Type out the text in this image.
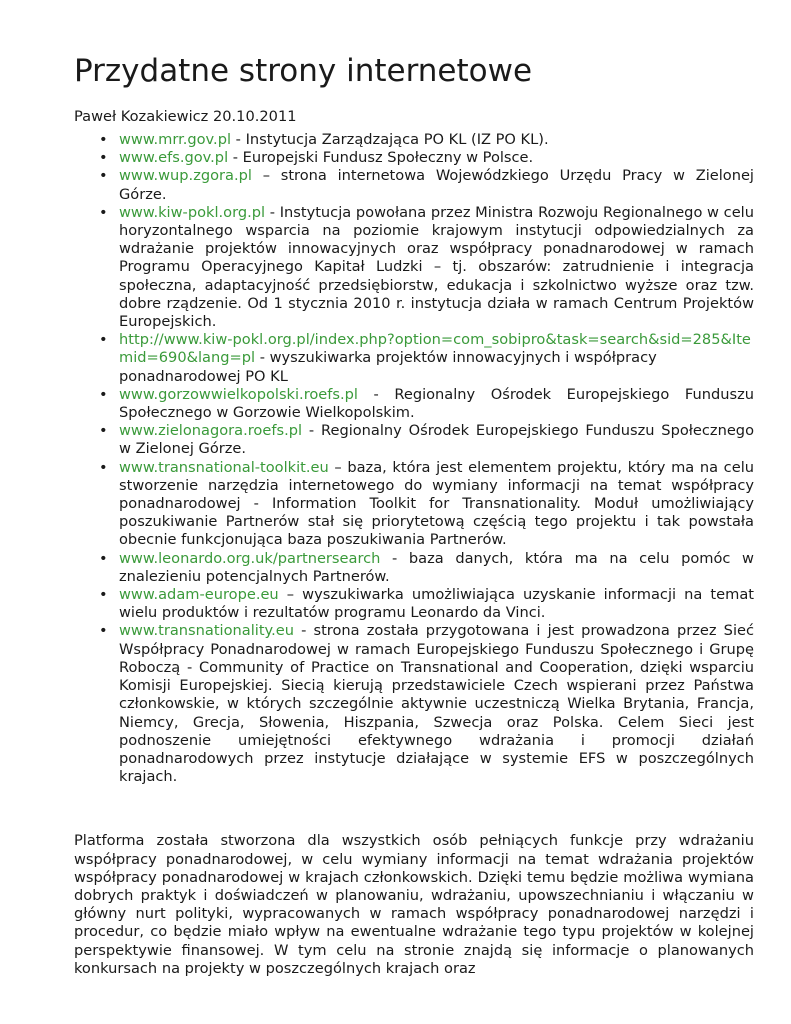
Przydatne strony internetowe

Paweł Kozakiewicz 20.10.2011

• www.mrr.gov.pl - Instytucja Zarządzająca PO KL (IZ PO KL).
• www.efs.gov.pl - Europejski Fundusz Społeczny w Polsce.
• www.wup.zgora.pl – strona internetowa Wojewódzkiego Urzędu Pracy w Zielonej Górze.
• www.kiw-pokl.org.pl - Instytucja powołana przez Ministra Rozwoju Regionalnego w celu horyzontalnego wsparcia na poziomie krajowym instytucji odpowiedzialnych za wdrażanie projektów innowacyjnych oraz współpracy ponadnarodowej w ramach Programu Operacyjnego Kapitał Ludzki – tj. obszarów: zatrudnienie i integracja społeczna, adaptacyjność przedsiębiorstw, edukacja i szkolnictwo wyższe oraz tzw. dobre rządzenie. Od 1 stycznia 2010 r. instytucja działa w ramach Centrum Projektów Europejskich.
• http://www.kiw-pokl.org.pl/index.php?option=com_sobipro&task=search&sid=285&Itemid=690&lang=pl - wyszukiwarka projektów innowacyjnych i współpracy ponadnarodowej PO KL
• www.gorzowwielkopolski.roefs.pl - Regionalny Ośrodek Europejskiego Funduszu Społecznego w Gorzowie Wielkopolskim.
• www.zielonagora.roefs.pl - Regionalny Ośrodek Europejskiego Funduszu Społecznego w Zielonej Górze.
• www.transnational-toolkit.eu – baza, która jest elementem projektu, który ma na celu stworzenie narzędzia internetowego do wymiany informacji na temat współpracy ponadnarodowej - Information Toolkit for Transnationality. Moduł umożliwiający poszukiwanie Partnerów stał się priorytetową częścią tego projektu i tak powstała obecnie funkcjonująca baza poszukiwania Partnerów.
• www.leonardo.org.uk/partnersearch - baza danych, która ma na celu pomóc w znalezieniu potencjalnych Partnerów.
• www.adam-europe.eu – wyszukiwarka umożliwiająca uzyskanie informacji na temat wielu produktów i rezultatów programu Leonardo da Vinci.
• www.transnationality.eu - strona została przygotowana i jest prowadzona przez Sieć Współpracy Ponadnarodowej w ramach Europejskiego Funduszu Społecznego i Grupę Roboczą - Community of Practice on Transnational and Cooperation, dzięki wsparciu Komisji Europejskiej. Siecią kierują przedstawiciele Czech wspierani przez Państwa członkowskie, w których szczególnie aktywnie uczestniczą Wielka Brytania, Francja, Niemcy, Grecja, Słowenia, Hiszpania, Szwecja oraz Polska. Celem Sieci jest podnoszenie umiejętności efektywnego wdrażania i promocji działań ponadnarodowych przez instytucje działające w systemie EFS w poszczególnych krajach.

Platforma została stworzona dla wszystkich osób pełniących funkcje przy wdrażaniu współpracy ponadnarodowej, w celu wymiany informacji na temat wdrażania projektów współpracy ponadnarodowej w krajach członkowskich. Dzięki temu będzie możliwa wymiana dobrych praktyk i doświadczeń w planowaniu, wdrażaniu, upowszechnianiu i włączaniu w główny nurt polityki, wypracowanych w ramach współpracy ponadnarodowej narzędzi i procedur, co będzie miało wpływ na ewentualne wdrażanie tego typu projektów w kolejnej perspektywie finansowej. W tym celu na stronie znajdą się informacje o planowanych konkursach na projekty w poszczególnych krajach oraz
